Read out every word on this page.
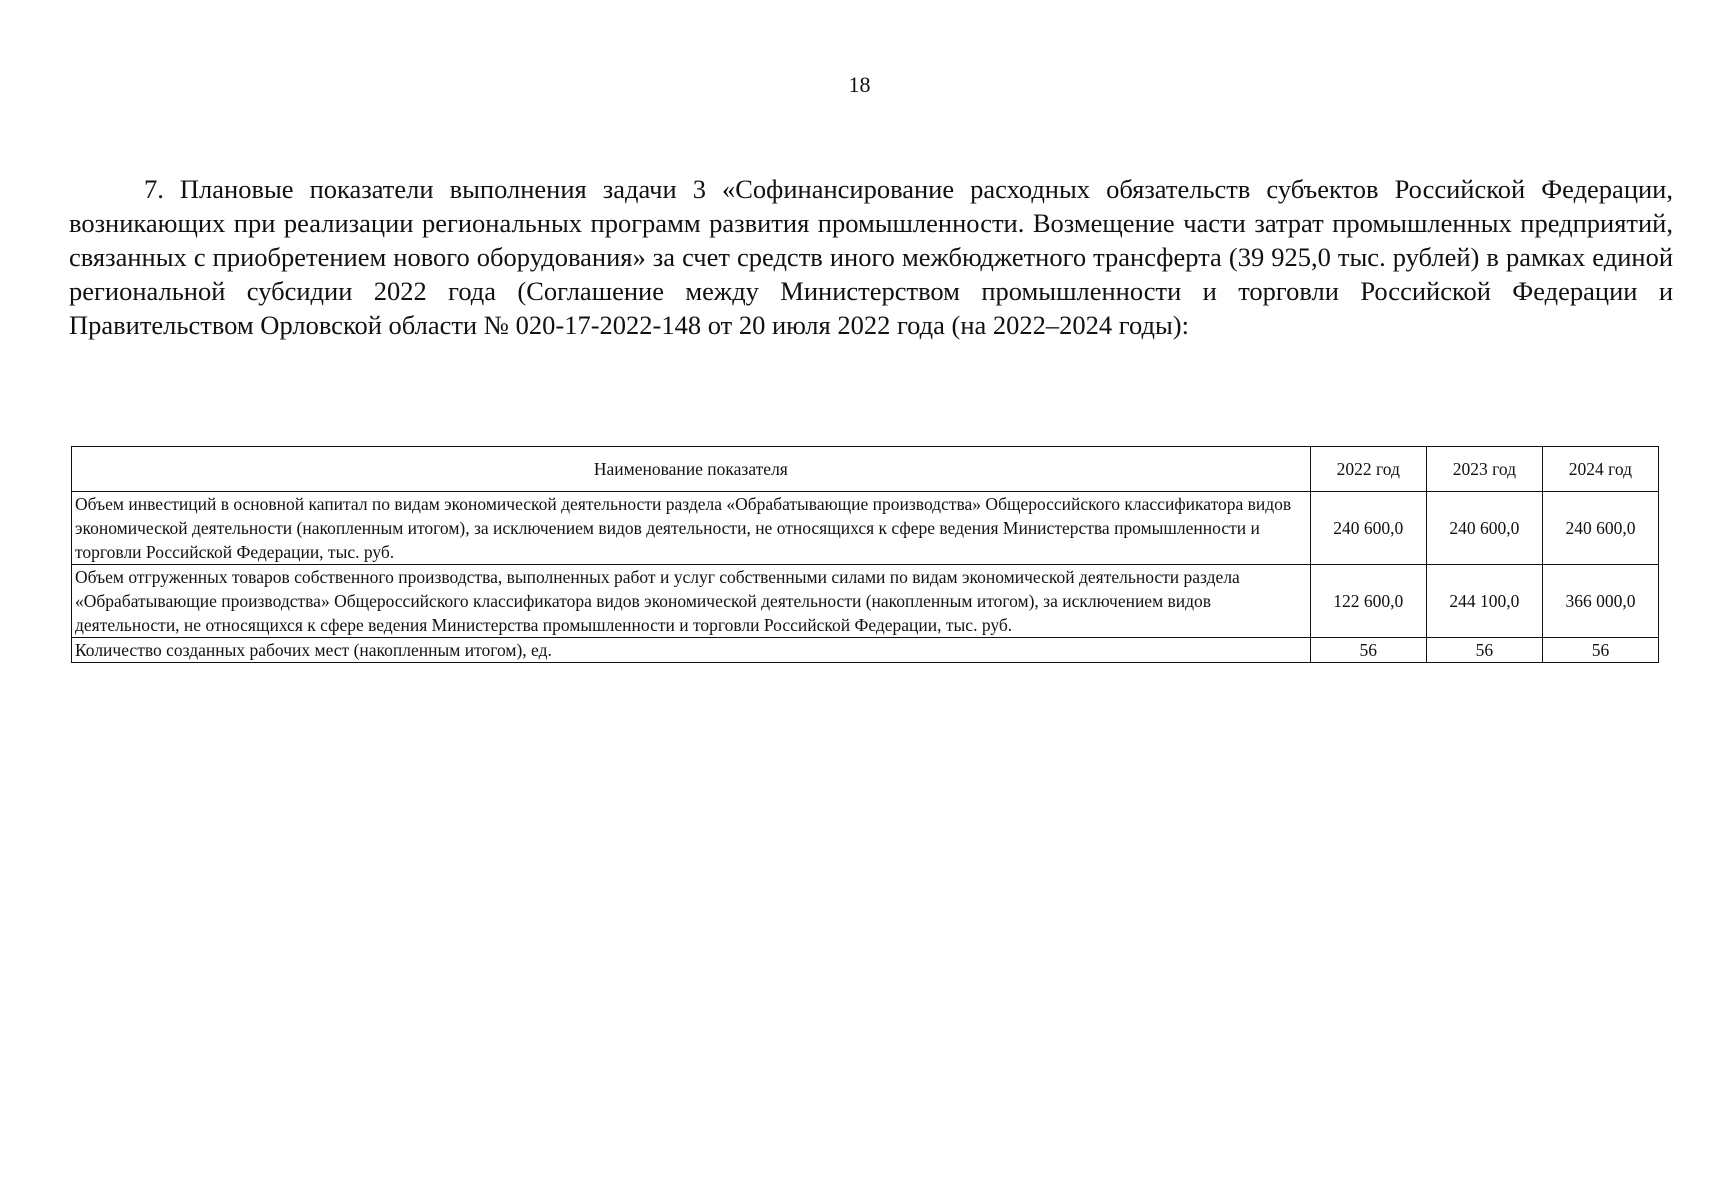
18

7. Плановые показатели выполнения задачи 3 «Софинансирование расходных обязательств субъектов Российской Федерации, возникающих при реализации региональных программ развития промышленности. Возмещение части затрат промышленных предприятий, связанных с приобретением нового оборудования» за счет средств иного межбюджетного трансферта (39 925,0 тыс. рублей) в рамках единой региональной субсидии 2022 года (Соглашение между Министерством промышленности и торговли Российской Федерации и Правительством Орловской области № 020-17-2022-148 от 20 июля 2022 года (на 2022–2024 годы):

Наименование показателя	2022 год	2023 год	2024 год
Объем инвестиций в основной капитал по видам экономической деятельности раздела «Обрабатывающие производства» Общероссийского классификатора видов экономической деятельности (накопленным итогом), за исключением видов деятельности, не относящихся к сфере ведения Министерства промышленности и торговли Российской Федерации, тыс. руб.	240 600,0	240 600,0	240 600,0
Объем отгруженных товаров собственного производства, выполненных работ и услуг собственными силами по видам экономической деятельности раздела «Обрабатывающие производства» Общероссийского классификатора видов экономической деятельности (накопленным итогом), за исключением видов деятельности, не относящихся к сфере ведения Министерства промышленности и торговли Российской Федерации, тыс. руб.	122 600,0	244 100,0	366 000,0
Количество созданных рабочих мест (накопленным итогом), ед.	56	56	56
